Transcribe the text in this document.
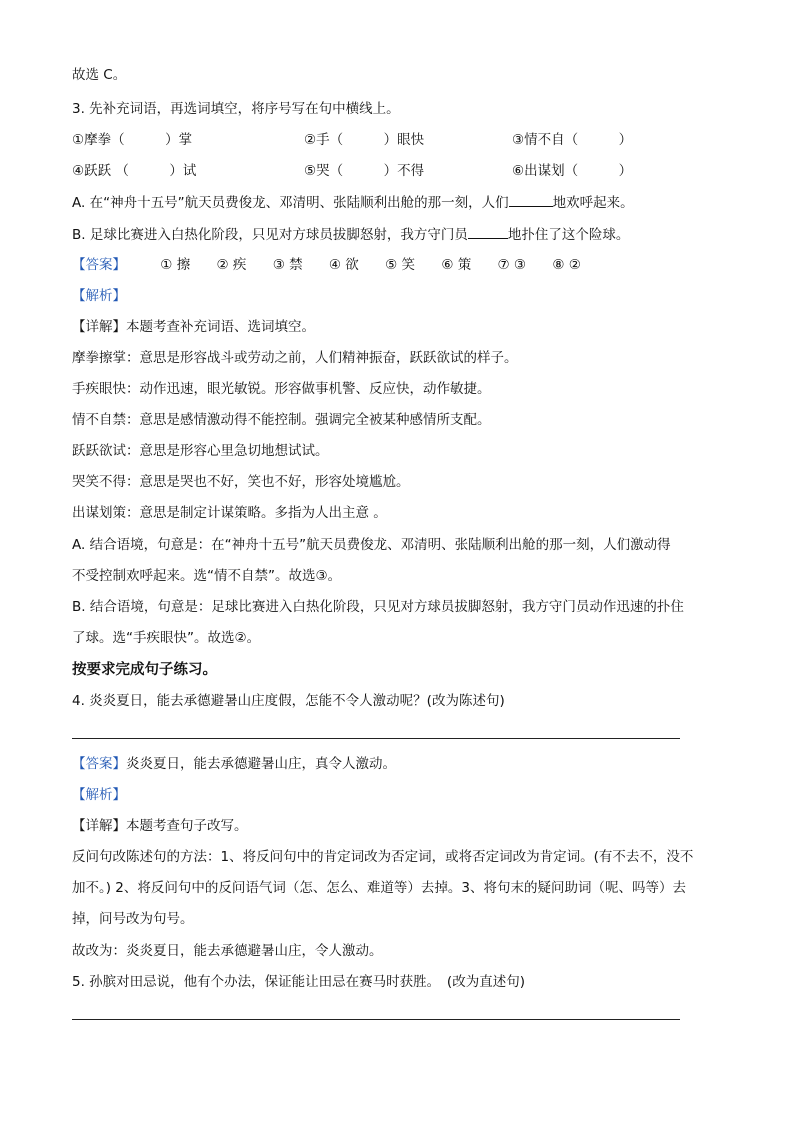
故选 C。
3. 先补充词语，再选词填空，将序号写在句中横线上。
①摩拳（　　　）掌	②手（　　　）眼快	③情不自（　　　）
④跃跃 （　　　）试	⑤哭（　　　）不得	⑥出谋划（　　　）
A. 在“神舟十五号”航天员费俊龙、邓清明、张陆顺利出舱的那一刻，人们	地欢呼起来。
B. 足球比赛进入白热化阶段，只见对方球员拔脚怒射，我方守门员	地扑住了这个险球。
【答案】	① 擦 ② 疾 ③ 禁 ④ 欲 ⑤ 笑 ⑥ 策 ⑦ ③ ⑧ ②
【解析】
【详解】本题考查补充词语、选词填空。
摩拳擦掌：意思是形容战斗或劳动之前，人们精神振奋，跃跃欲试的样子。
手疾眼快：动作迅速，眼光敏锐。形容做事机警、反应快，动作敏捷。
情不自禁：意思是感情激动得不能控制。强调完全被某种感情所支配。
跃跃欲试：意思是形容心里急切地想试试。
哭笑不得：意思是哭也不好，笑也不好，形容处境尴尬。
出谋划策：意思是制定计谋策略。多指为人出主意 。
A. 结合语境，句意是：在“神舟十五号”航天员费俊龙、邓清明、张陆顺利出舱的那一刻，人们激动得
不受控制欢呼起来。选“情不自禁”。故选③。
B. 结合语境，句意是：足球比赛进入白热化阶段，只见对方球员拔脚怒射，我方守门员动作迅速的扑住
了球。选“手疾眼快”。故选②。
按要求完成句子练习。
4. 炎炎夏日，能去承德避暑山庄度假，怎能不令人激动呢？(改为陈述句)
【答案】炎炎夏日，能去承德避暑山庄，真令人激动。
【解析】
【详解】本题考查句子改写。
反问句改陈述句的方法：1、将反问句中的肯定词改为否定词，或将否定词改为肯定词。(有不去不，没不
加不。) 2、将反问句中的反问语气词（怎、怎么、难道等）去掉。3、将句末的疑问助词（呢、吗等）去
掉，问号改为句号。
故改为：炎炎夏日，能去承德避暑山庄，令人激动。
5. 孙膑对田忌说，他有个办法，保证能让田忌在赛马时获胜。　(改为直述句)
